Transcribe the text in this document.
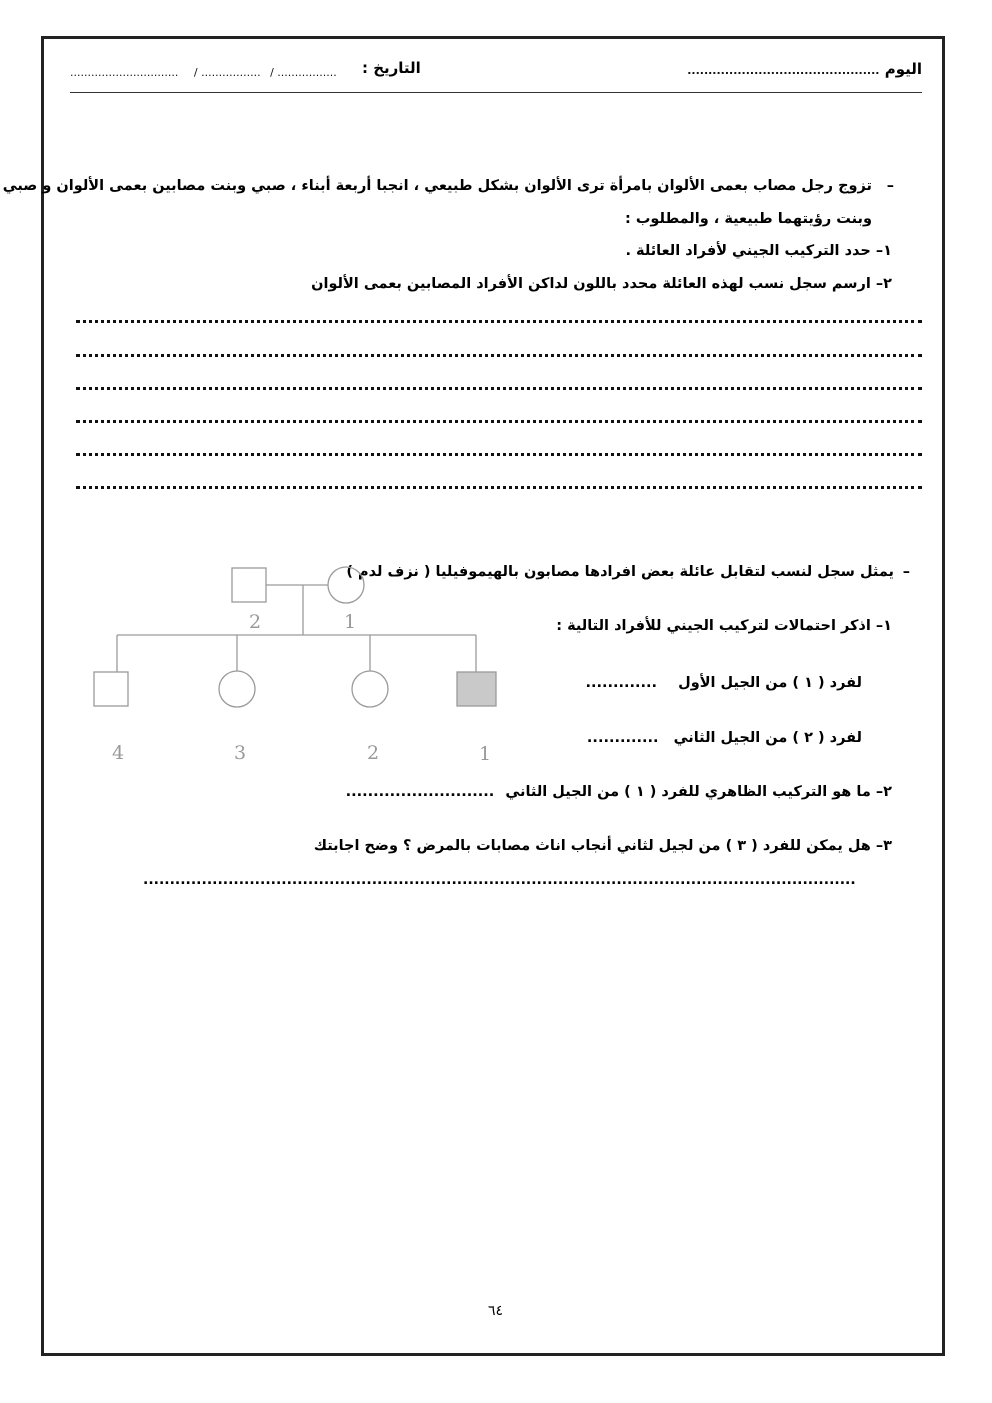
اليوم ..............................................
التاريخ :
............................... / ................. / .................
–
تزوج رجل مصاب بعمى الألوان بامرأة ترى الألوان بشكل طبيعي ، انجبا أربعة أبناء ، صبي وبنت مصابين بعمى الألوان و صبي
وبنت رؤيتهما طبيعية ، والمطلوب :
١– حدد التركيب الجيني لأفراد العائلة .
٢– ارسم سجل نسب لهذه العائلة محدد باللون لداكن الأفراد المصابين بعمى الألوان
–
يمثل سجل لنسب لتقابل عائلة بعض افرادها مصابون بالهيموفيليا ( نزف لدم )
١– اذكر احتمالات لتركيب الجيني للأفراد التالية :
لفرد ( ١ ) من الجيل الأول .............
لفرد ( ٢ ) من الجيل الثاني .............
٢– ما هو التركيب الظاهري للفرد ( ١ ) من الجيل الثاني ...........................
٣– هل يمكن للفرد ( ٣ ) من لجيل لثاني أنجاب اناث مصابات بالمرض ؟ وضح اجابتك
......................................................................................................................................
2	1
4	3	2	1
٦٤
